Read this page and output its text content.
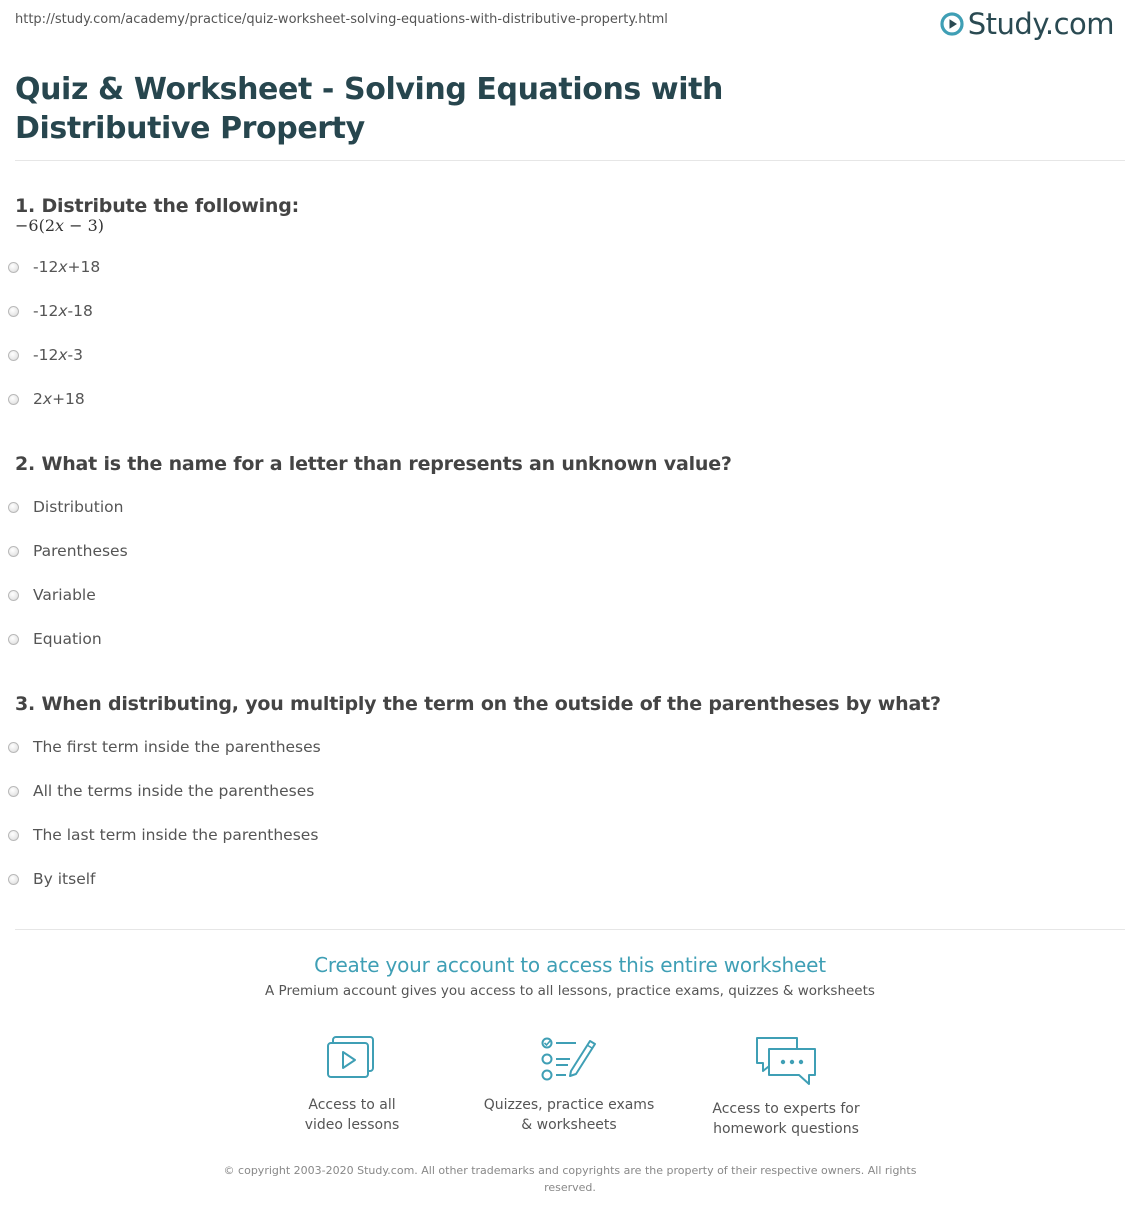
http://study.com/academy/practice/quiz-worksheet-solving-equations-with-distributive-property.html	Study.com
Quiz & Worksheet - Solving Equations with Distributive Property

1. Distribute the following:

−6(2x − 3)

-12x+18
-12x-18
-12x-3
2x+18

2. What is the name for a letter than represents an unknown value?

Distribution
Parentheses
Variable
Equation

3. When distributing, you multiply the term on the outside of the parentheses by what?

The first term inside the parentheses
All the terms inside the parentheses
The last term inside the parentheses
By itself
Create your account to access this entire worksheet
A Premium account gives you access to all lessons, practice exams, quizzes & worksheets
Access to all
video lessons
Quizzes, practice exams
& worksheets
Access to experts for
homework questions
© copyright 2003-2020 Study.com. All other trademarks and copyrights are the property of their respective owners. All rights
reserved.
